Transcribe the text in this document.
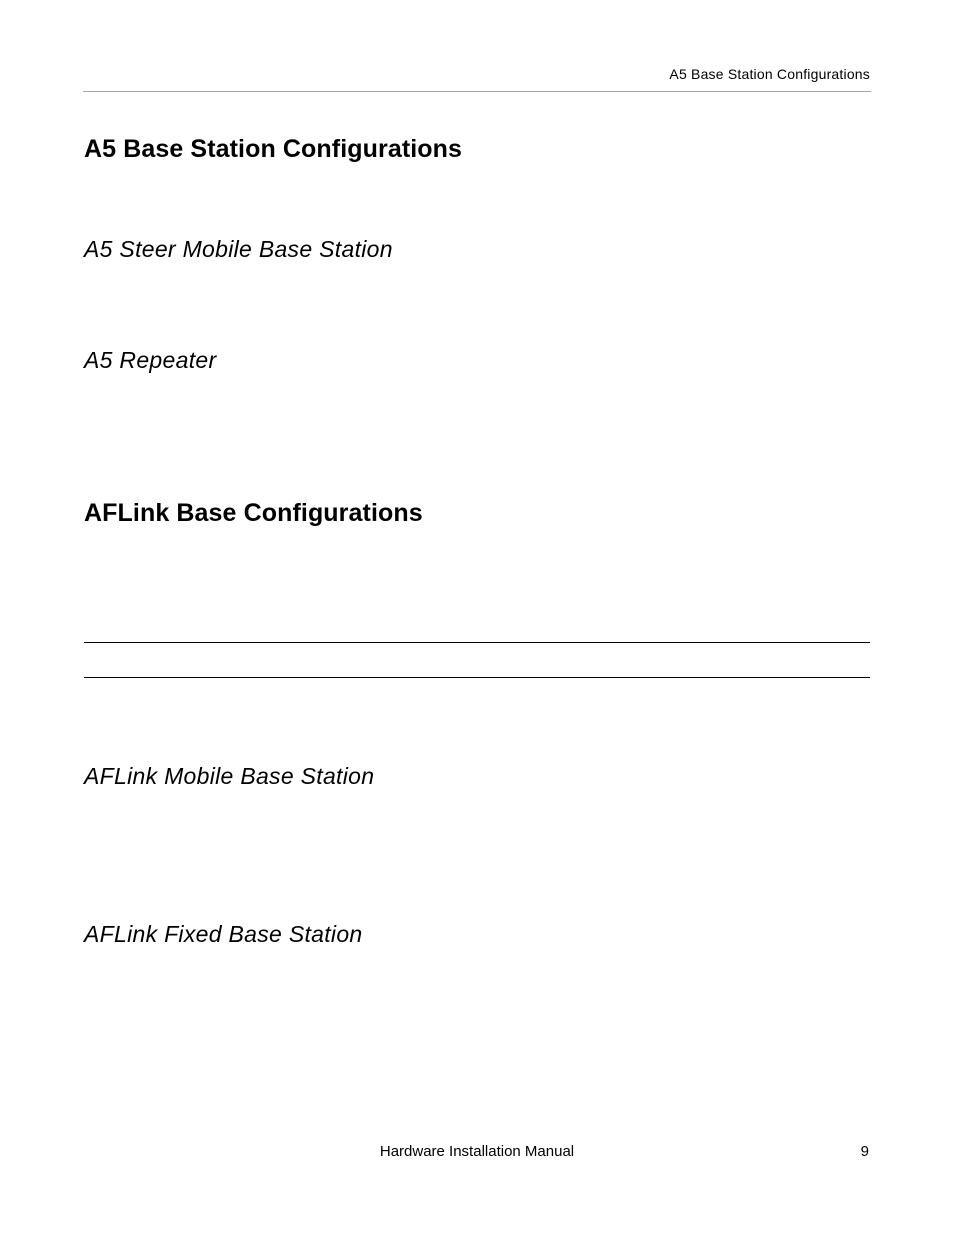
A5 Base Station Configurations
A5 Base Station Configurations
A5 Steer Mobile Base Station
A5 Repeater
AFLink Base Configurations
AFLink Mobile Base Station
AFLink Fixed Base Station
Hardware Installation Manual	9
